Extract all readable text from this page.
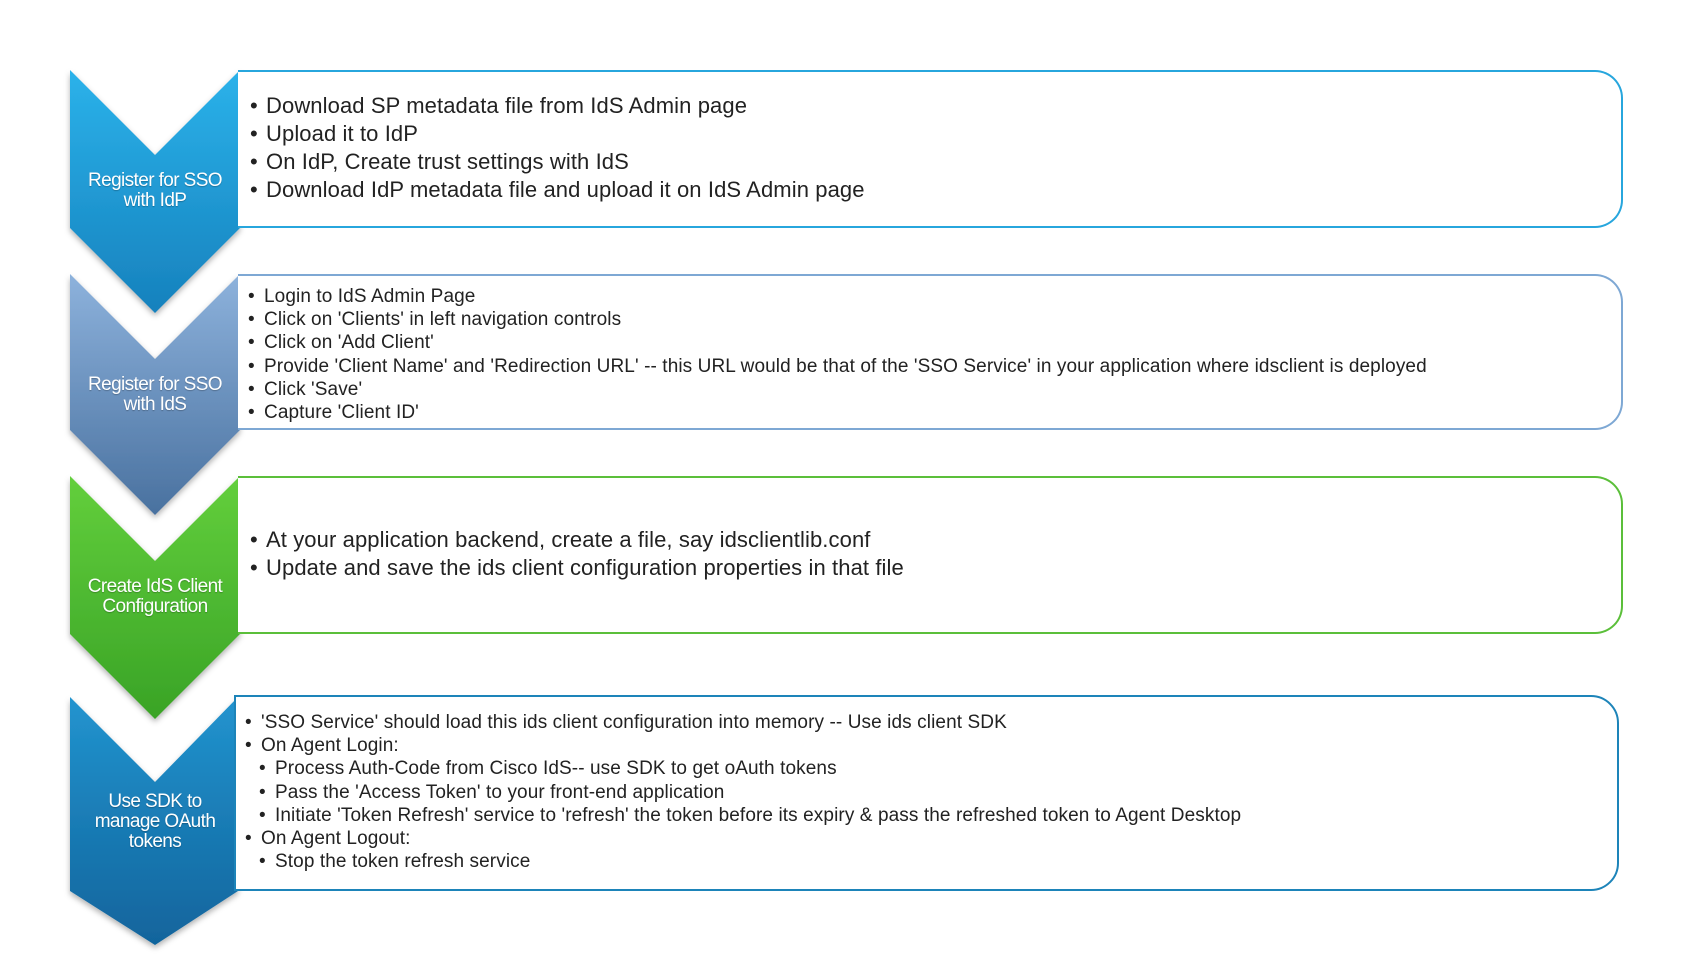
Register for SSO with IdP
Register for SSO with IdS
Create IdS Client Configuration
Use SDK to manage OAuth tokens
• Download SP metadata file from IdS Admin page
• Upload it to IdP
• On IdP, Create trust settings with IdS
• Download IdP metadata file and upload it on IdS Admin page
• Login to IdS Admin Page
• Click on 'Clients' in left navigation controls
• Click on 'Add Client'
• Provide 'Client Name' and 'Redirection URL' -- this URL would be that of the 'SSO Service' in your application where idsclient is deployed
• Click 'Save'
• Capture 'Client ID'
• At your application backend, create a file, say idsclientlib.conf
• Update and save the ids client configuration properties in that file
• 'SSO Service' should load this ids client configuration into memory -- Use ids client SDK
• On Agent Login:
• Process Auth-Code from Cisco IdS-- use SDK to get oAuth tokens
• Pass the 'Access Token' to your front-end application
• Initiate 'Token Refresh' service to 'refresh' the token before its expiry & pass the refreshed token to Agent Desktop
• On Agent Logout:
• Stop the token refresh service
